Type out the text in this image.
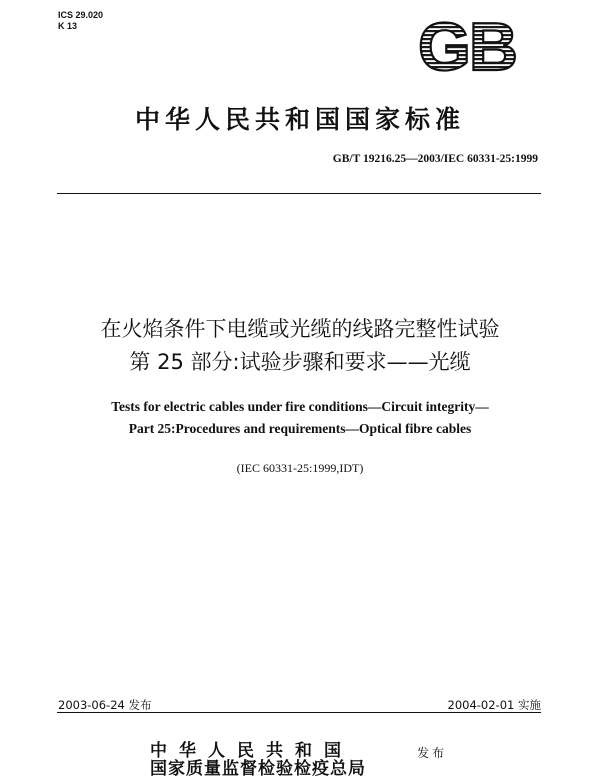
ICS 29.020
K 13	GB
中华人民共和国国家标准
GB/T 19216.25—2003/IEC 60331-25:1999
在火焰条件下电缆或光缆的线路完整性试验
第 25 部分:试验步骤和要求——光缆
Tests for electric cables under fire conditions—Circuit integrity—
Part 25:Procedures and requirements—Optical fibre cables
(IEC 60331-25:1999,IDT)
2003-06-24 发布	2004-02-01 实施
中华人民共和国
国家质量监督检验检疫总局
发布
